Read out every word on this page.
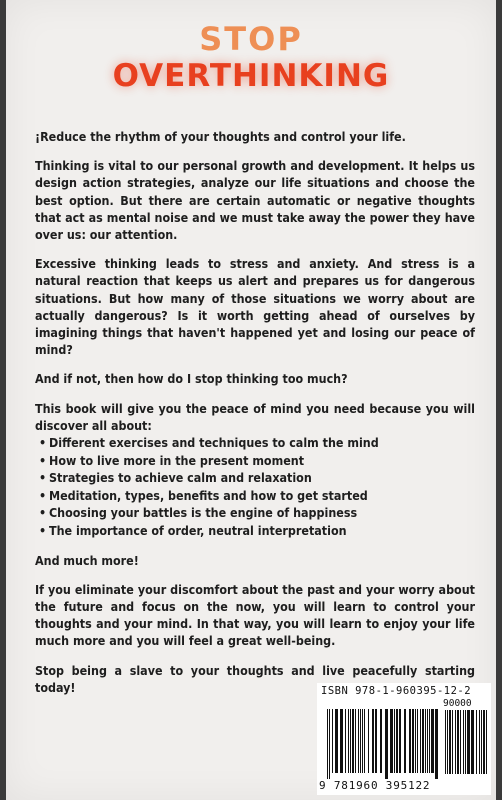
STOP
OVERTHINKING

¡Reduce the rhythm of your thoughts and control your life.

Thinking is vital to our personal growth and development. It helps us design action strategies, analyze our life situations and choose the best option. But there are certain automatic or negative thoughts that act as mental noise and we must take away the power they have over us: our attention.

Excessive thinking leads to stress and anxiety. And stress is a natural reaction that keeps us alert and prepares us for dangerous situations. But how many of those situations we worry about are actually dangerous? Is it worth getting ahead of ourselves by imagining things that haven't happened yet and losing our peace of mind?

And if not, then how do I stop thinking too much?

This book will give you the peace of mind you need because you will discover all about:

• Different exercises and techniques to calm the mind
• How to live more in the present moment
• Strategies to achieve calm and relaxation
• Meditation, types, benefits and how to get started
• Choosing your battles is the engine of happiness
• The importance of order, neutral interpretation

And much more!

If you eliminate your discomfort about the past and your worry about the future and focus on the now, you will learn to control your thoughts and your mind. In that way, you will learn to enjoy your life much more and you will feel a great well-being.

Stop being a slave to your thoughts and live peacefully starting today!	ISBN 978-1-960395-12-2
90000
9 781960 395122
